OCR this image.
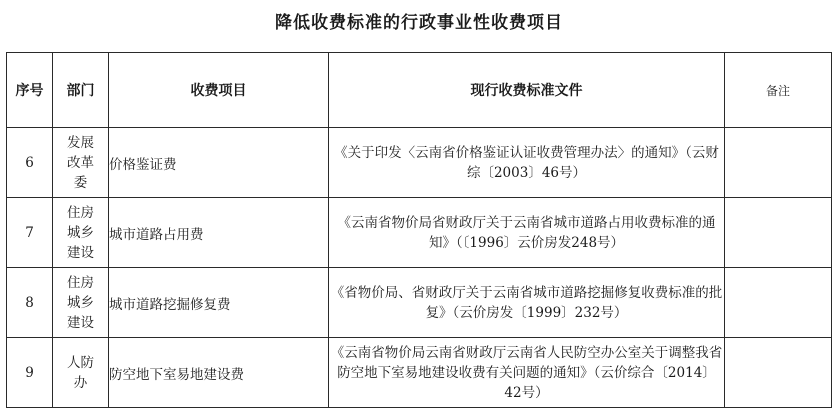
降低收费标准的行政事业性收费项目
序号	部门	收费项目	现行收费标准文件	备注
6	发展改革委	价格鉴证费	《关于印发〈云南省价格鉴证认证收费管理办法〉的通知》（云财综〔2003〕46号）	
7	住房城乡建设	城市道路占用费	《云南省物价局省财政厅关于云南省城市道路占用收费标准的通知》（〔1996〕云价房发248号）	
8	住房城乡建设	城市道路挖掘修复费	《省物价局、省财政厅关于云南省城市道路挖掘修复收费标准的批复》（云价房发〔1999〕232号）	
9	人防办	防空地下室易地建设费	《云南省物价局云南省财政厅云南省人民防空办公室关于调整我省防空地下室易地建设收费有关问题的通知》（云价综合〔2014〕42号）	
